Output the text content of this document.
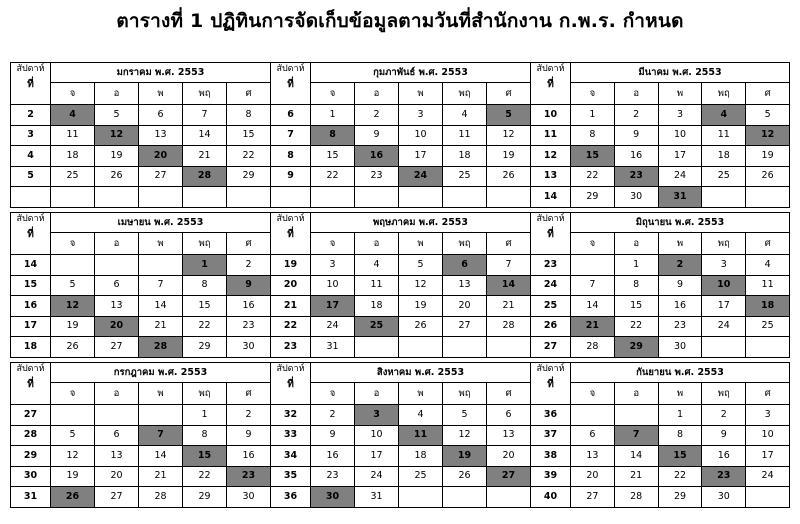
ตารางที่ 1 ปฏิทินการจัดเก็บข้อมูลตามวันที่สำนักงาน ก.พ.ร. กำหนด
สัปดาห์
ที่	มกราคม พ.ศ. 2553				
	จ	อ	พ	พฤ	ศ
2	4	5	6	7	8
3	11	12	13	14	15
4	18	19	20	21	22
5	25	26	27	28	29

สัปดาห์
ที่	กุมภาพันธ์ พ.ศ. 2553				
	จ	อ	พ	พฤ	ศ
6	1	2	3	4	5
7	8	9	10	11	12
8	15	16	17	18	19
9	22	23	24	25	26

สัปดาห์
ที่	มีนาคม พ.ศ. 2553				
	จ	อ	พ	พฤ	ศ
10	1	2	3	4	5
11	8	9	10	11	12
12	15	16	17	18	19
13	22	23	24	25	26
14	29	30	31		
สัปดาห์
ที่	เมษายน พ.ศ. 2553				
	จ	อ	พ	พฤ	ศ
14				1	2
15	5	6	7	8	9
16	12	13	14	15	16
17	19	20	21	22	23
18	26	27	28	29	30
สัปดาห์
ที่	พฤษภาคม พ.ศ. 2553				
	จ	อ	พ	พฤ	ศ
19	3	4	5	6	7
20	10	11	12	13	14
21	17	18	19	20	21
22	24	25	26	27	28
23	31				
สัปดาห์
ที่	มิถุนายน พ.ศ. 2553				
	จ	อ	พ	พฤ	ศ
23		1	2	3	4
24	7	8	9	10	11
25	14	15	16	17	18
26	21	22	23	24	25
27	28	29	30		
สัปดาห์
ที่	กรกฎาคม พ.ศ. 2553				
	จ	อ	พ	พฤ	ศ
27				1	2
28	5	6	7	8	9
29	12	13	14	15	16
30	19	20	21	22	23
31	26	27	28	29	30
สัปดาห์
ที่	สิงหาคม พ.ศ. 2553				
	จ	อ	พ	พฤ	ศ
32	2	3	4	5	6
33	9	10	11	12	13
34	16	17	18	19	20
35	23	24	25	26	27
36	30	31			
สัปดาห์
ที่	กันยายน พ.ศ. 2553				
	จ	อ	พ	พฤ	ศ
36			1	2	3
37	6	7	8	9	10
38	13	14	15	16	17
39	20	21	22	23	24
40	27	28	29	30	
